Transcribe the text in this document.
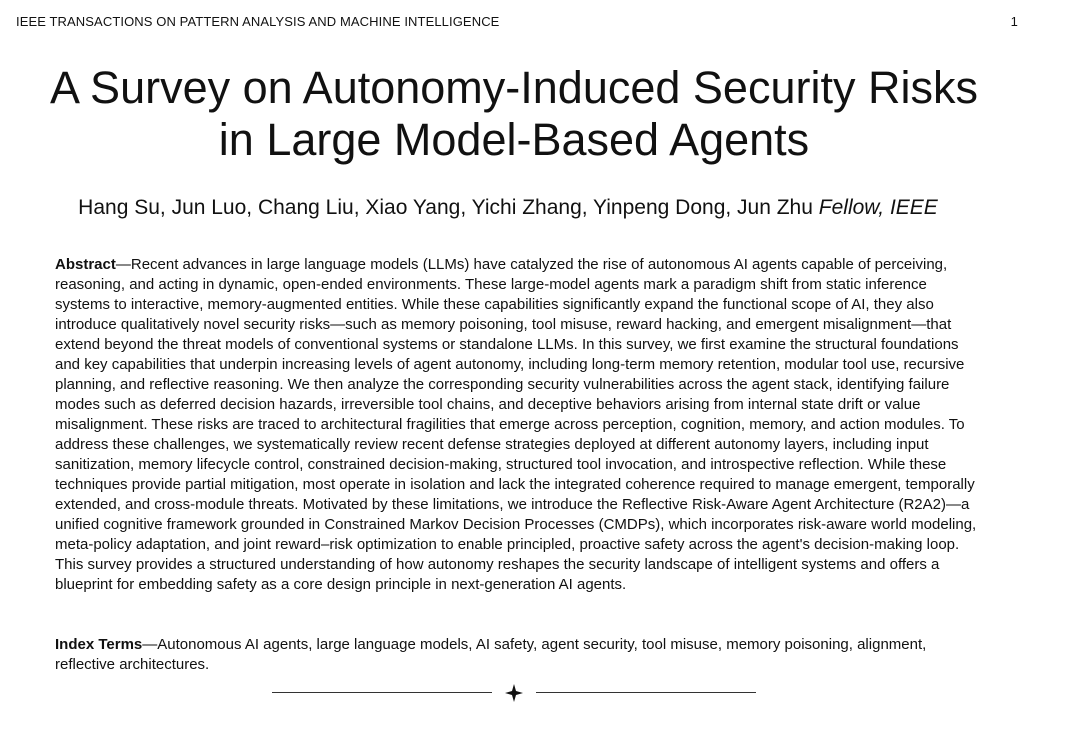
IEEE TRANSACTIONS ON PATTERN ANALYSIS AND MACHINE INTELLIGENCE	1
A Survey on Autonomy-Induced Security Risks
in Large Model-Based Agents
Hang Su, Jun Luo, Chang Liu, Xiao Yang, Yichi Zhang, Yinpeng Dong, Jun Zhu Fellow, IEEE

Abstract—Recent advances in large language models (LLMs) have catalyzed the rise of autonomous AI agents capable of perceiving, reasoning, and acting in dynamic, open-ended environments. These large-model agents mark a paradigm shift from static inference systems to interactive, memory-augmented entities. While these capabilities significantly expand the functional scope of AI, they also introduce qualitatively novel security risks—such as memory poisoning, tool misuse, reward hacking, and emergent misalignment—that extend beyond the threat models of conventional systems or standalone LLMs. In this survey, we first examine the structural foundations and key capabilities that underpin increasing levels of agent autonomy, including long-term memory retention, modular tool use, recursive planning, and reflective reasoning. We then analyze the corresponding security vulnerabilities across the agent stack, identifying failure modes such as deferred decision hazards, irreversible tool chains, and deceptive behaviors arising from internal state drift or value misalignment. These risks are traced to architectural fragilities that emerge across perception, cognition, memory, and action modules. To address these challenges, we systematically review recent defense strategies deployed at different autonomy layers, including input sanitization, memory lifecycle control, constrained decision-making, structured tool invocation, and introspective reflection. While these techniques provide partial mitigation, most operate in isolation and lack the integrated coherence required to manage emergent, temporally extended, and cross-module threats. Motivated by these limitations, we introduce the Reflective Risk-Aware Agent Architecture (R2A2)—a unified cognitive framework grounded in Constrained Markov Decision Processes (CMDPs), which incorporates risk-aware world modeling, meta-policy adaptation, and joint reward–risk optimization to enable principled, proactive safety across the agent's decision-making loop. This survey provides a structured understanding of how autonomy reshapes the security landscape of intelligent systems and offers a blueprint for embedding safety as a core design principle in next-generation AI agents.

Index Terms—Autonomous AI agents, large language models, AI safety, agent security, tool misuse, memory poisoning, alignment, reflective architectures.
